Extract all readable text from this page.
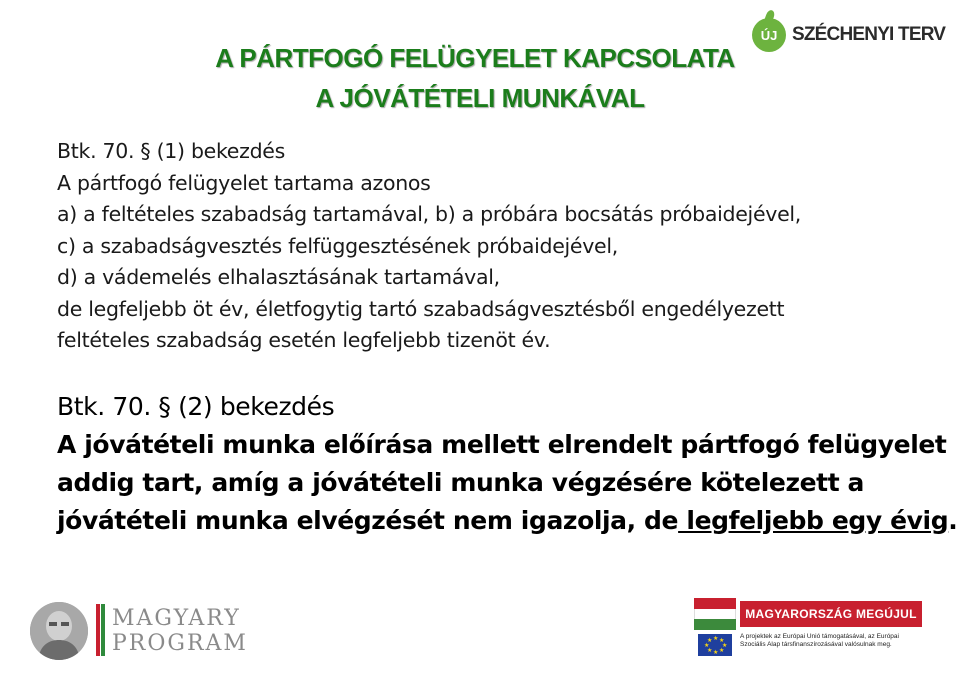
A PÁRTFOGÓ FELÜGYELET KAPCSOLATA
A JÓVÁTÉTELI MUNKÁVAL
ÚJ SZÉCHENYI TERV
Btk. 70. § (1) bekezdés
A pártfogó felügyelet tartama azonos
a) a feltételes szabadság tartamával, b) a próbára bocsátás próbaidejével,
c) a szabadságvesztés felfüggesztésének próbaidejével,
d) a vádemelés elhalasztásának tartamával,
de legfeljebb öt év, életfogytig tartó szabadságvesztésből engedélyezett
feltételes szabadság esetén legfeljebb tizenöt év.
Btk. 70. § (2) bekezdés
A jóvátételi munka előírása mellett elrendelt pártfogó felügyelet
addig tart, amíg a jóvátételi munka végzésére kötelezett a
jóvátételi munka elvégzését nem igazolja, de legfeljebb egy évig.
MAGYARY
PROGRAM
MAGYARORSZÁG MEGÚJUL
★ ★
★
★
★
★
★
★
A projektek az Európai Unió támogatásával, az Európai Szociális Alap társfinanszírozásával valósulnak meg.
